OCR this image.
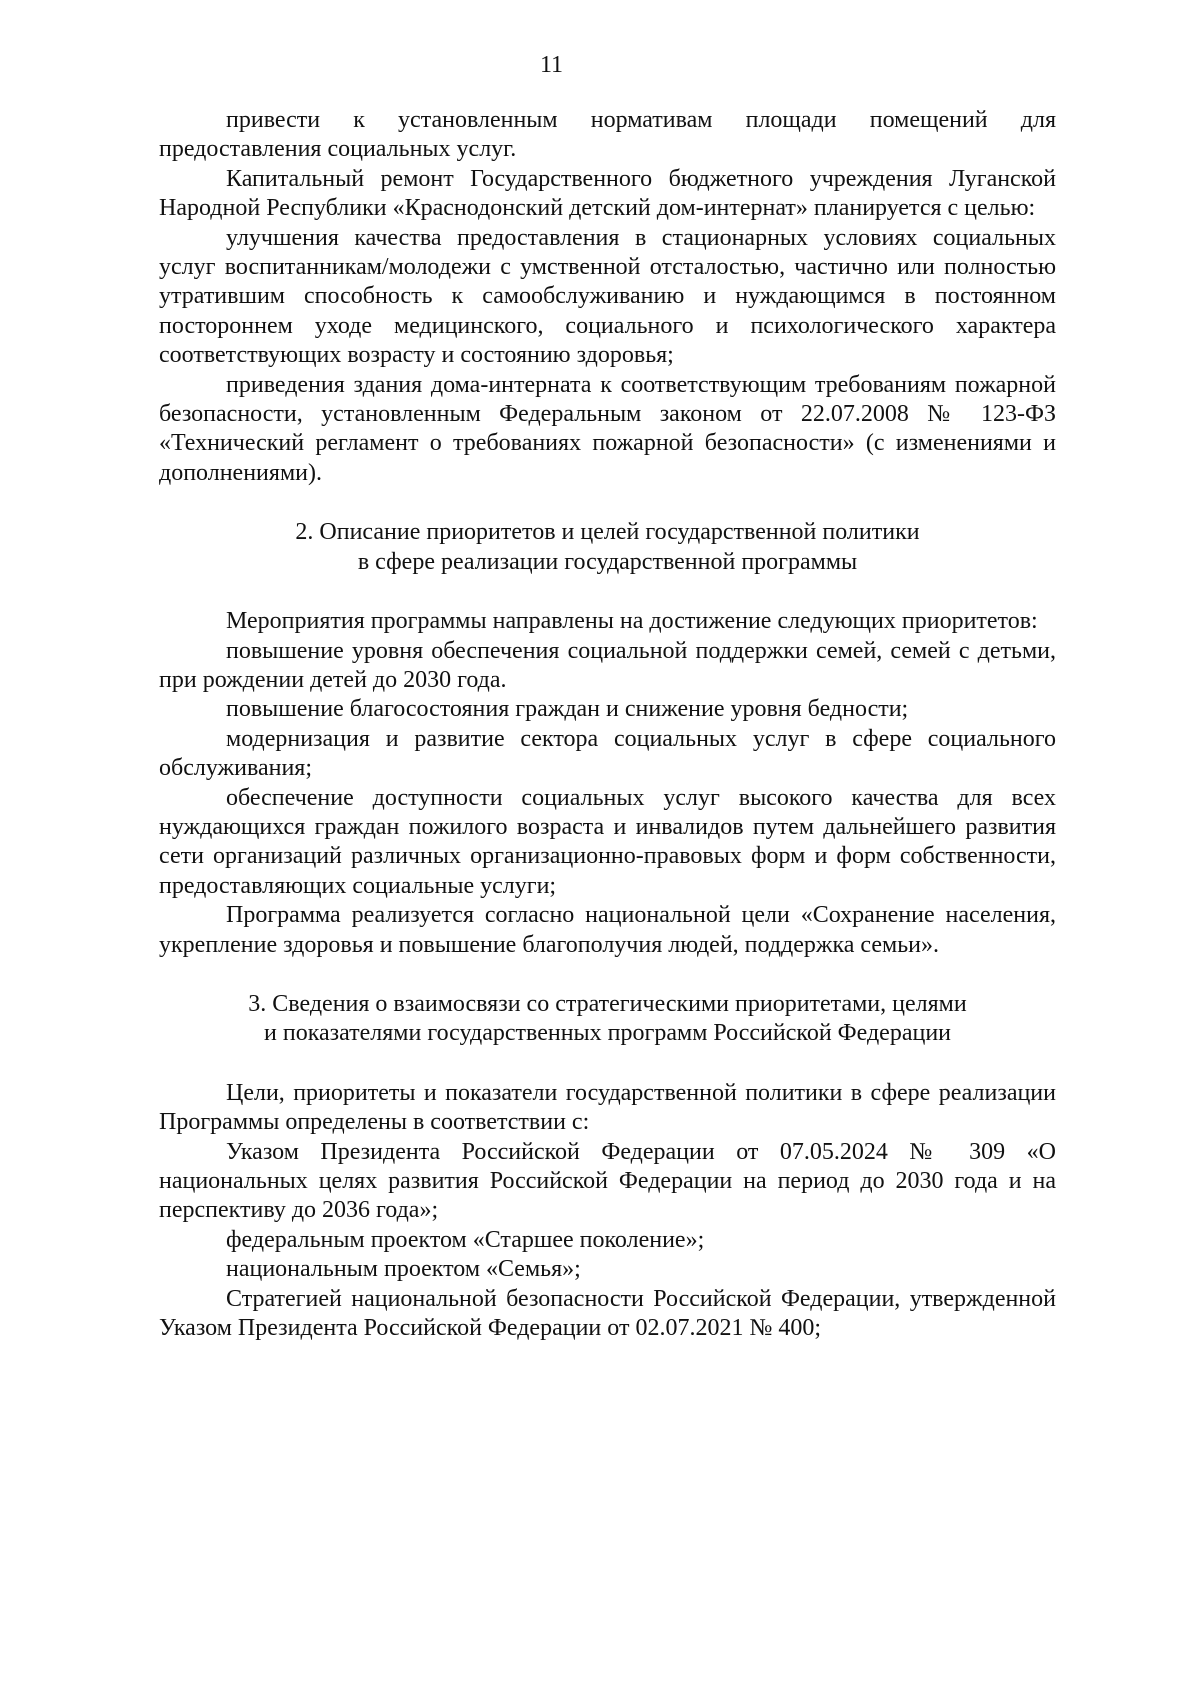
11

привести к установленным нормативам площади помещений для предоставления социальных услуг.

Капитальный ремонт Государственного бюджетного учреждения Луганской Народной Республики «Краснодонский детский дом-интернат» планируется с целью:

улучшения качества предоставления в стационарных условиях социальных услуг воспитанникам/молодежи с умственной отсталостью, частично или полностью утратившим способность к самообслуживанию и нуждающимся в постоянном постороннем уходе медицинского, социального и психологического характера соответствующих возрасту и состоянию здоровья;

приведения здания дома-интерната к соответствующим требованиям пожарной безопасности, установленным Федеральным законом от 22.07.2008 № 123-ФЗ «Технический регламент о требованиях пожарной безопасности» (с изменениями и дополнениями).

2. Описание приоритетов и целей государственной политики

в сфере реализации государственной программы

Мероприятия программы направлены на достижение следующих приоритетов:

повышение уровня обеспечения социальной поддержки семей, семей с детьми, при рождении детей до 2030 года.

повышение благосостояния граждан и снижение уровня бедности;

модернизация и развитие сектора социальных услуг в сфере социального обслуживания;

обеспечение доступности социальных услуг высокого качества для всех нуждающихся граждан пожилого возраста и инвалидов путем дальнейшего развития сети организаций различных организационно-правовых форм и форм собственности, предоставляющих социальные услуги;

Программа реализуется согласно национальной цели «Сохранение населения, укрепление здоровья и повышение благополучия людей, поддержка семьи».

3. Сведения о взаимосвязи со стратегическими приоритетами, целями

и показателями государственных программ Российской Федерации

Цели, приоритеты и показатели государственной политики в сфере реализации Программы определены в соответствии с:

Указом Президента Российской Федерации от 07.05.2024 № 309 «О национальных целях развития Российской Федерации на период до 2030 года и на перспективу до 2036 года»;

федеральным проектом «Старшее поколение»;

национальным проектом «Семья»;

Стратегией национальной безопасности Российской Федерации, утвержденной Указом Президента Российской Федерации от 02.07.2021 № 400;
